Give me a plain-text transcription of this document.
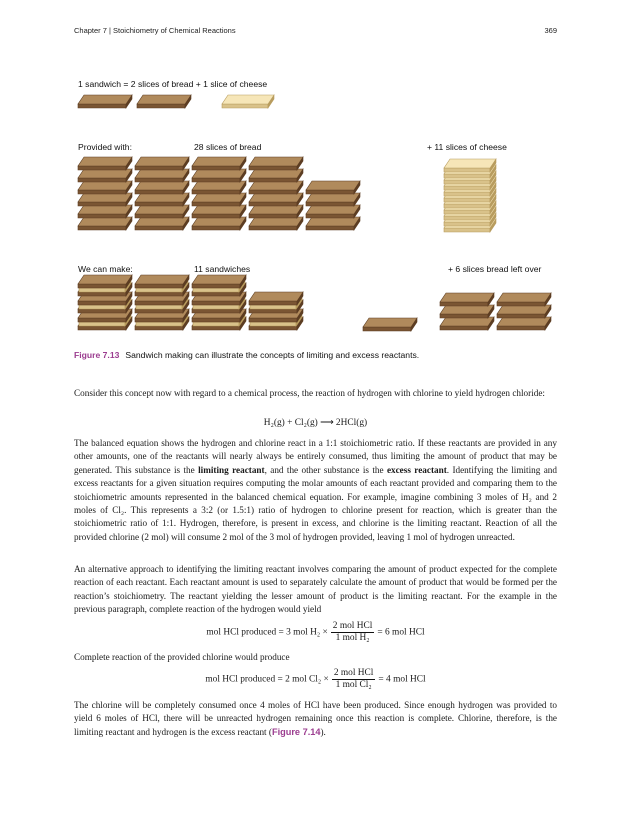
Chapter 7 | Stoichiometry of Chemical Reactions	369
1 sandwich = 2 slices of bread + 1 slice of cheese
Provided with:	28 slices of bread	+ 11 slices of cheese
We can make:	11 sandwiches	+ 6 slices bread left over
Figure 7.13 Sandwich making can illustrate the concepts of limiting and excess reactants.

Consider this concept now with regard to a chemical process, the reaction of hydrogen with chlorine to yield hydrogen chloride:

H₂(g) + Cl₂(g) ⟶ 2HCl(g)

The balanced equation shows the hydrogen and chlorine react in a 1:1 stoichiometric ratio. If these reactants are provided in any other amounts, one of the reactants will nearly always be entirely consumed, thus limiting the amount of product that may be generated. This substance is the limiting reactant, and the other substance is the excess reactant. Identifying the limiting and excess reactants for a given situation requires computing the molar amounts of each reactant provided and comparing them to the stoichiometric amounts represented in the balanced chemical equation. For example, imagine combining 3 moles of H₂ and 2 moles of Cl₂. This represents a 3:2 (or 1.5:1) ratio of hydrogen to chlorine present for reaction, which is greater than the stoichiometric ratio of 1:1. Hydrogen, therefore, is present in excess, and chlorine is the limiting reactant. Reaction of all the provided chlorine (2 mol) will consume 2 mol of the 3 mol of hydrogen provided, leaving 1 mol of hydrogen unreacted.

An alternative approach to identifying the limiting reactant involves comparing the amount of product expected for the complete reaction of each reactant. Each reactant amount is used to separately calculate the amount of product that would be formed per the reaction’s stoichiometry. The reactant yielding the lesser amount of product is the limiting reactant. For the example in the previous paragraph, complete reaction of the hydrogen would yield

mol HCl produced = 3 mol $H_2 \times \frac{\text{2 mol HCl}}{\text{1 mol H₂}} = 6$ mol HCl

Complete reaction of the provided chlorine would produce

mol HCl produced = 2 mol $Cl_2 \times \frac{\text{2 mol HCl}}{\text{1 mol Cl₂}} = 4$ mol HCl

The chlorine will be completely consumed once 4 moles of HCl have been produced. Since enough hydrogen was provided to yield 6 moles of HCl, there will be unreacted hydrogen remaining once this reaction is complete. Chlorine, therefore, is the limiting reactant and hydrogen is the excess reactant (Figure 7.14).
